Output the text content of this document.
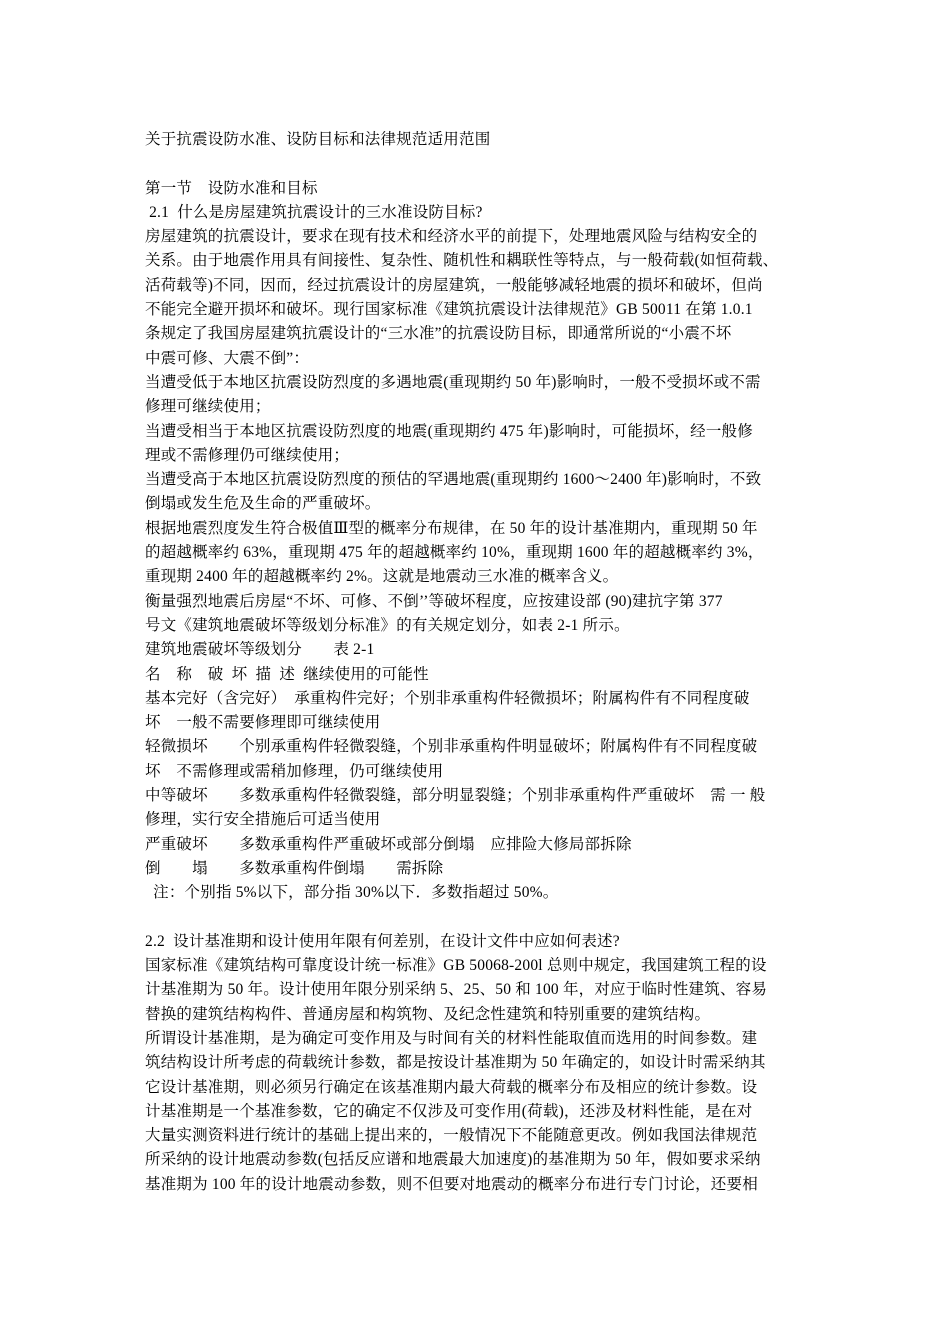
关于抗震设防水准、设防目标和法律规范适用范围
第一节　设防水准和目标
2.1  什么是房屋建筑抗震设计的三水准设防目标?
房屋建筑的抗震设计，要求在现有技术和经济水平的前提下，处理地震风险与结构安全的
关系。由于地震作用具有间接性、复杂性、随机性和耦联性等特点，与一般荷载(如恒荷载、
活荷载等)不同，因而，经过抗震设计的房屋建筑，一般能够减轻地震的损坏和破坏，但尚
不能完全避开损坏和破坏。现行国家标准《建筑抗震设计法律规范》GB 50011 在第 1.0.1
条规定了我国房屋建筑抗震设计的“三水准”的抗震设防目标，即通常所说的“小震不坏
中震可修、大震不倒”：
当遭受低于本地区抗震设防烈度的多遇地震(重现期约 50 年)影响时，一般不受损坏或不需
修理可继续使用；
当遭受相当于本地区抗震设防烈度的地震(重现期约 475 年)影响时，可能损坏，经一般修
理或不需修理仍可继续使用；
当遭受高于本地区抗震设防烈度的预估的罕遇地震(重现期约 1600～2400 年)影响时，不致
倒塌或发生危及生命的严重破坏。
根据地震烈度发生符合极值Ⅲ型的概率分布规律，在 50 年的设计基准期内，重现期 50 年
的超越概率约 63%，重现期 475 年的超越概率约 10%，重现期 1600 年的超越概率约 3%，
重现期 2400 年的超越概率约 2%。这就是地震动三水准的概率含义。
衡量强烈地震后房屋“不坏、可修、不倒’’等破坏程度，应按建设部 (90)建抗字第 377
号文《建筑地震破坏等级划分标准》的有关规定划分，如表 2-1 所示。
建筑地震破坏等级划分　　表 2-1
名　称　破  坏  描  述  继续使用的可能性
基本完好（含完好）　承重构件完好；个别非承重构件轻微损坏；附属构件有不同程度破
坏　一般不需要修理即可继续使用
轻微损坏　　个别承重构件轻微裂缝，个别非承重构件明显破坏；附属构件有不同程度破
坏　不需修理或需稍加修理，仍可继续使用
中等破坏　　多数承重构件轻微裂缝，部分明显裂缝；个别非承重构件严重破坏　需 一 般
修理，实行安全措施后可适当使用
严重破坏　　多数承重构件严重破坏或部分倒塌　应排险大修局部拆除
倒　　塌　　多数承重构件倒塌　　需拆除
注：个别指 5%以下，部分指 30%以下．多数指超过 50%。
2.2  设计基准期和设计使用年限有何差别，在设计文件中应如何表述?
国家标准《建筑结构可靠度设计统一标准》GB 50068-200l 总则中规定，我国建筑工程的设
计基准期为 50 年。设计使用年限分别采纳 5、25、50 和 100 年，对应于临时性建筑、容易
替换的建筑结构构件、普通房屋和构筑物、及纪念性建筑和特别重要的建筑结构。
所谓设计基准期，是为确定可变作用及与时间有关的材料性能取值而选用的时间参数。建
筑结构设计所考虑的荷载统计参数，都是按设计基准期为 50 年确定的，如设计时需采纳其
它设计基准期，则必须另行确定在该基准期内最大荷载的概率分布及相应的统计参数。设
计基准期是一个基准参数，它的确定不仅涉及可变作用(荷载)，还涉及材料性能，是在对
大量实测资料进行统计的基础上提出来的，一般情况下不能随意更改。例如我国法律规范
所采纳的设计地震动参数(包括反应谱和地震最大加速度)的基准期为 50 年，假如要求采纳
基准期为 100 年的设计地震动参数，则不但要对地震动的概率分布进行专门讨论，还要相
